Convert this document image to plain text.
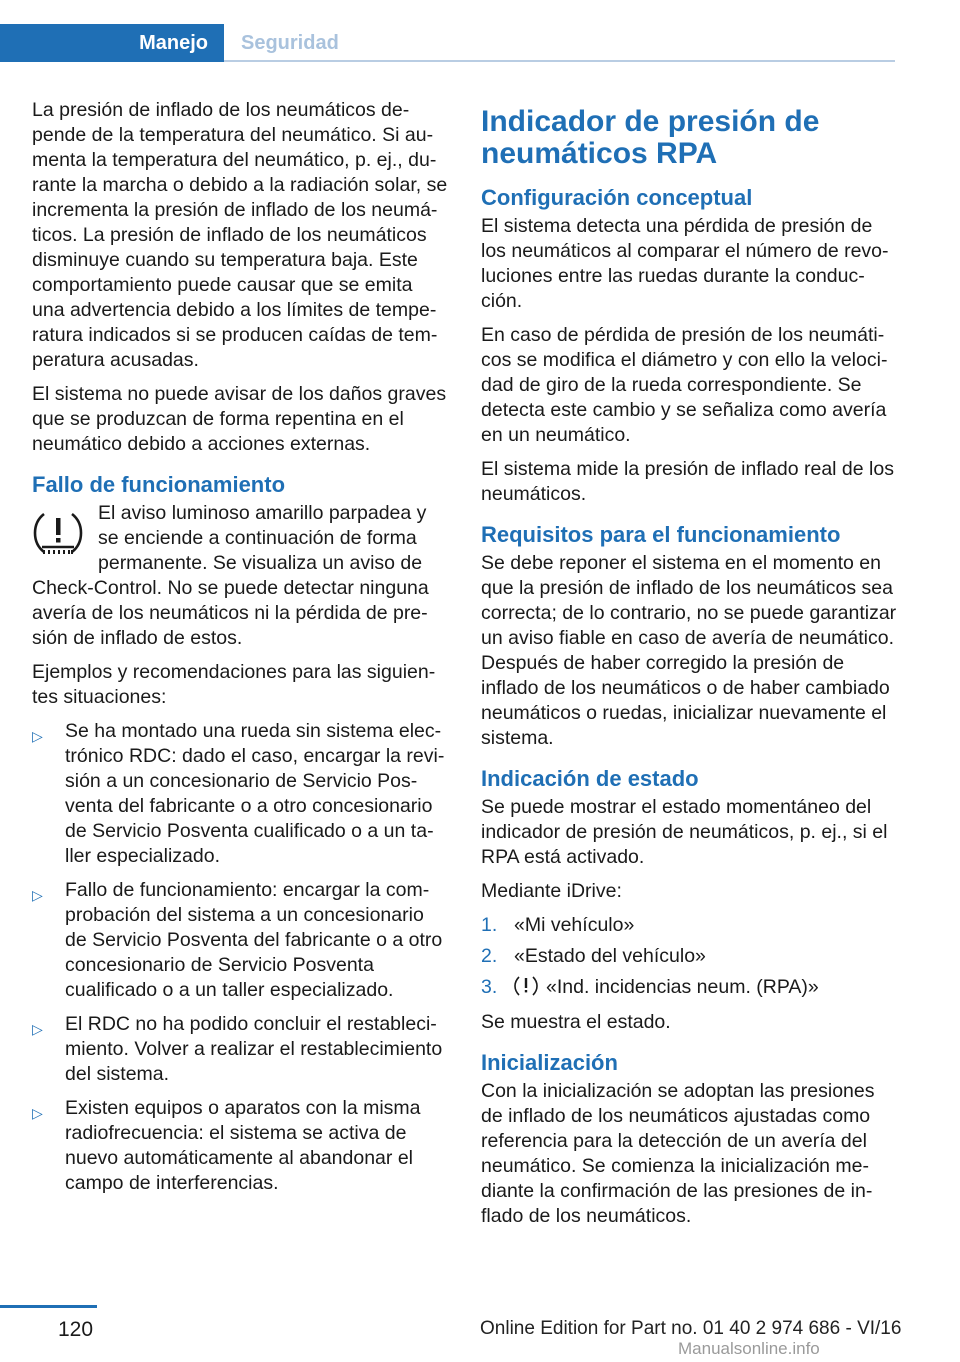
Manejo	Seguridad

La presión de inflado de los neumáticos depende de la temperatura del neumático. Si aumenta la temperatura del neumático, p. ej., durante la marcha o debido a la radiación solar, se incrementa la presión de inflado de los neumáticos. La presión de inflado de los neumáticos disminuye cuando su temperatura baja. Este comportamiento puede causar que se emita una advertencia debido a los límites de temperatura indicados si se producen caídas de temperatura acusadas.

El sistema no puede avisar de los daños graves que se produzcan de forma repentina en el neumático debido a acciones externas.

Fallo de funcionamiento

El aviso luminoso amarillo parpadea y se enciende a continuación de forma permanente. Se visualiza un aviso de Check-Control. No se puede detectar ninguna avería de los neumáticos ni la pérdida de presión de inflado de estos.

Ejemplos y recomendaciones para las siguientes situaciones:

▷ Se ha montado una rueda sin sistema electrónico RDC: dado el caso, encargar la revisión a un concesionario de Servicio Posventa del fabricante o a otro concesionario de Servicio Posventa cualificado o a un taller especializado.
▷ Fallo de funcionamiento: encargar la comprobación del sistema a un concesionario de Servicio Posventa del fabricante o a otro concesionario de Servicio Posventa cualificado o a un taller especializado.
▷ El RDC no ha podido concluir el restablecimiento. Volver a realizar el restablecimiento del sistema.
▷ Existen equipos o aparatos con la misma radiofrecuencia: el sistema se activa de nuevo automáticamente al abandonar el campo de interferencias.
Indicador de presión de neumáticos RPA
Configuración conceptual

El sistema detecta una pérdida de presión de los neumáticos al comparar el número de revoluciones entre las ruedas durante la conducción.

En caso de pérdida de presión de los neumáticos se modifica el diámetro y con ello la velocidad de giro de la rueda correspondiente. Se detecta este cambio y se señaliza como avería en un neumático.

El sistema mide la presión de inflado real de los neumáticos.

Requisitos para el funcionamiento

Se debe reponer el sistema en el momento en que la presión de inflado de los neumáticos sea correcta; de lo contrario, no se puede garantizar un aviso fiable en caso de avería de neumático. Después de haber corregido la presión de inflado de los neumáticos o de haber cambiado neumáticos o ruedas, inicializar nuevamente el sistema.

Indicación de estado

Se puede mostrar el estado momentáneo del indicador de presión de neumáticos, p. ej., si el RPA está activado.

Mediante iDrive:

1. «Mi vehículo»
2. «Estado del vehículo»
3. «Ind. incidencias neum. (RPA)»

Se muestra el estado.

Inicialización

Con la inicialización se adoptan las presiones de inflado de los neumáticos ajustadas como referencia para la detección de un avería del neumático. Se comienza la inicialización mediante la confirmación de las presiones de inflado de los neumáticos.

120	Online Edition for Part no. 01 40 2 974 686 - VI/16
Manualsonline.info
